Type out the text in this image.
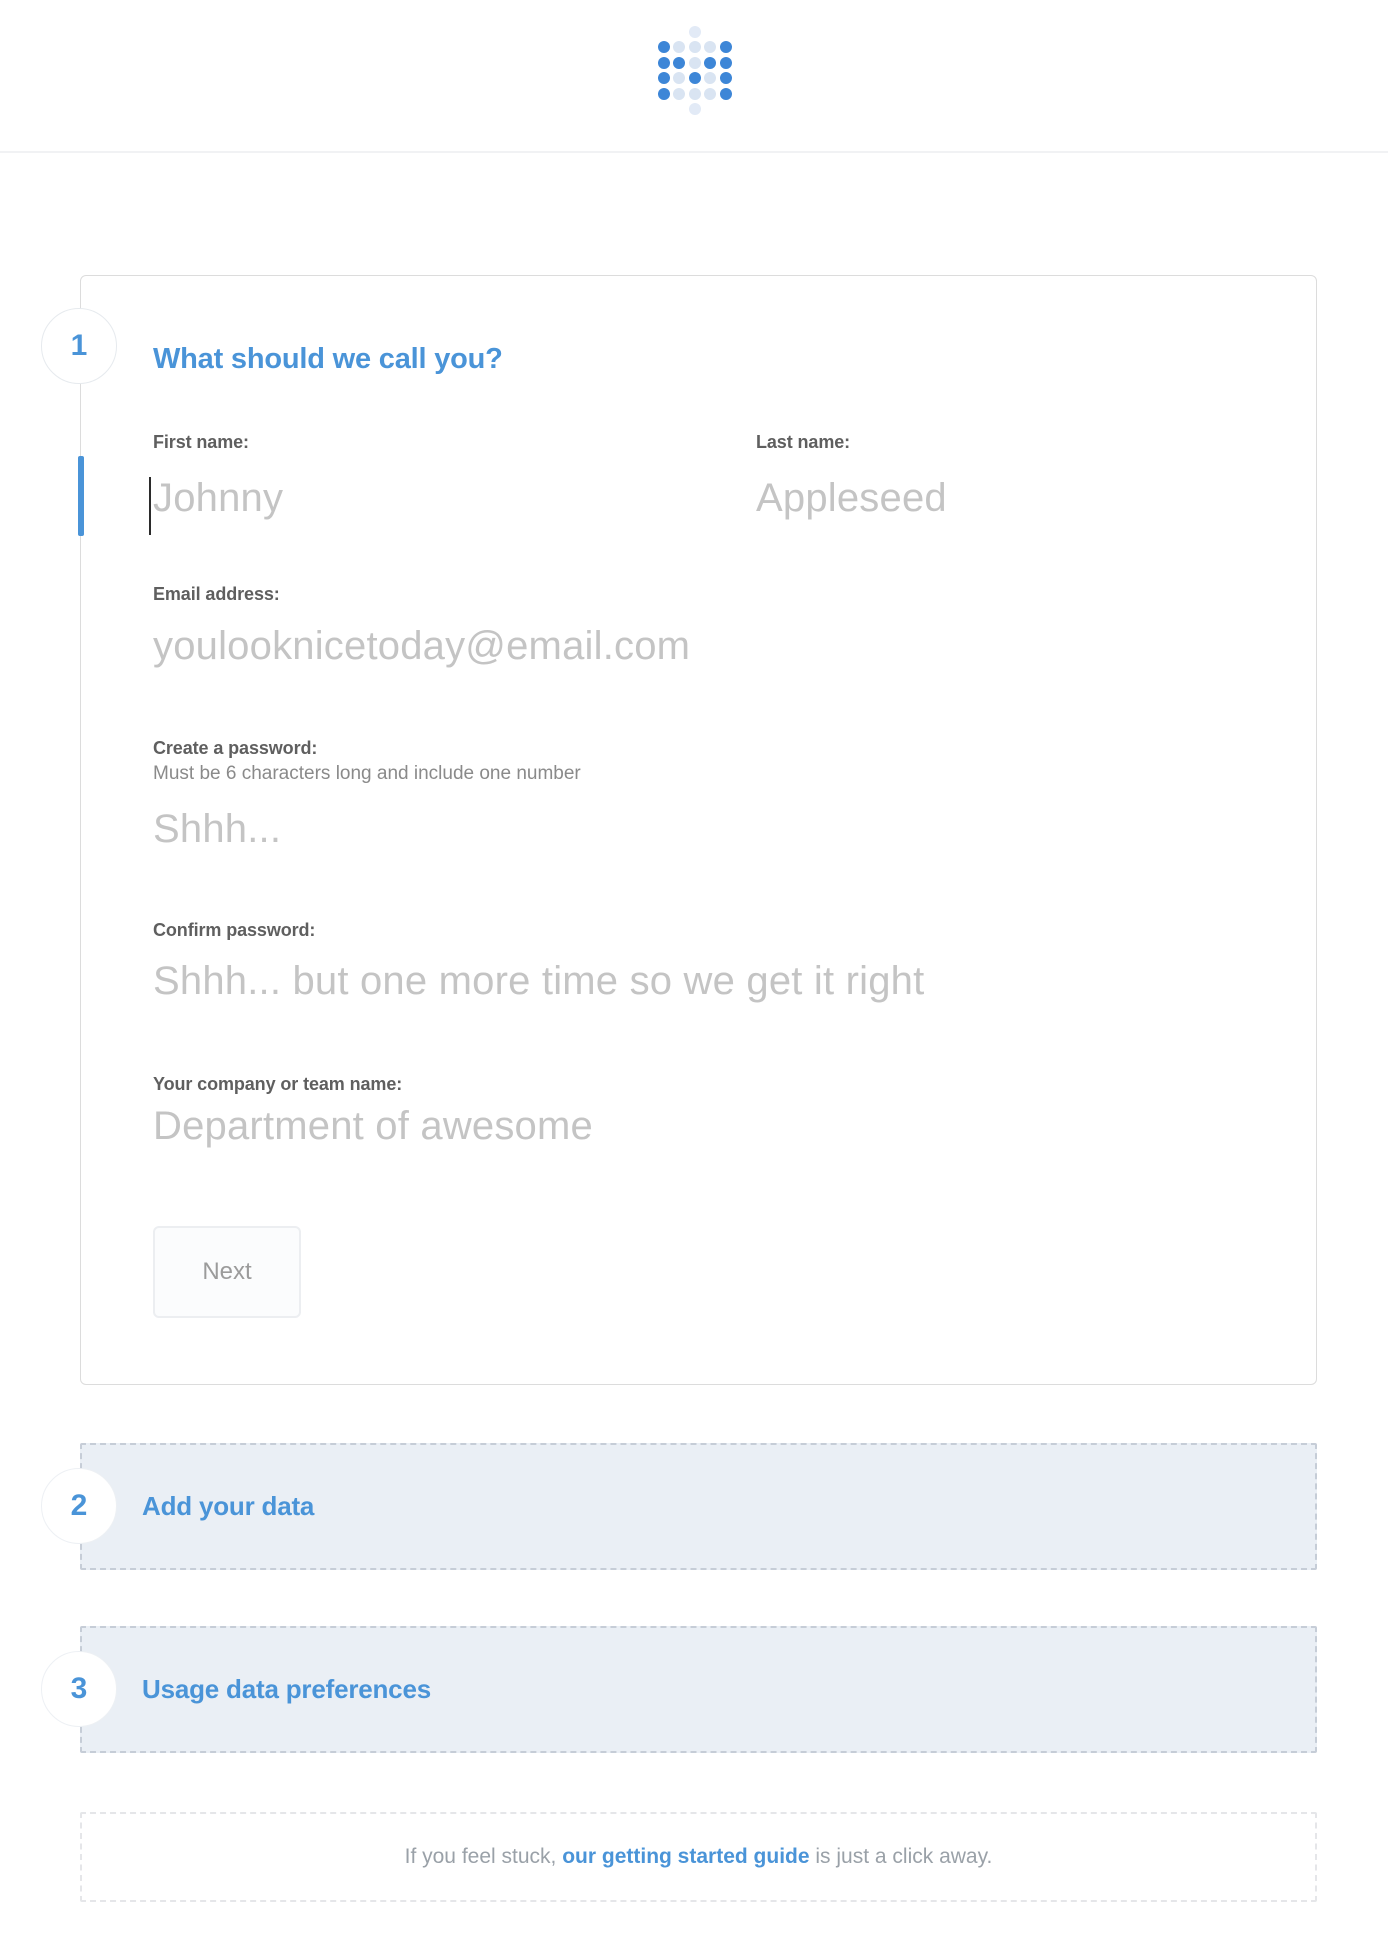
1 What should we call you?
First name:
Johnny	Last name:
Appleseed
Email address:
youlooknicetoday@email.com
Create a password:
Must be 6 characters long and include one number
Shhh...
Confirm password:
Shhh... but one more time so we get it right
Your company or team name:
Department of awesome
Next
2 Add your data
3 Usage data preferences
If you feel stuck, our getting started guide is just a click away.
